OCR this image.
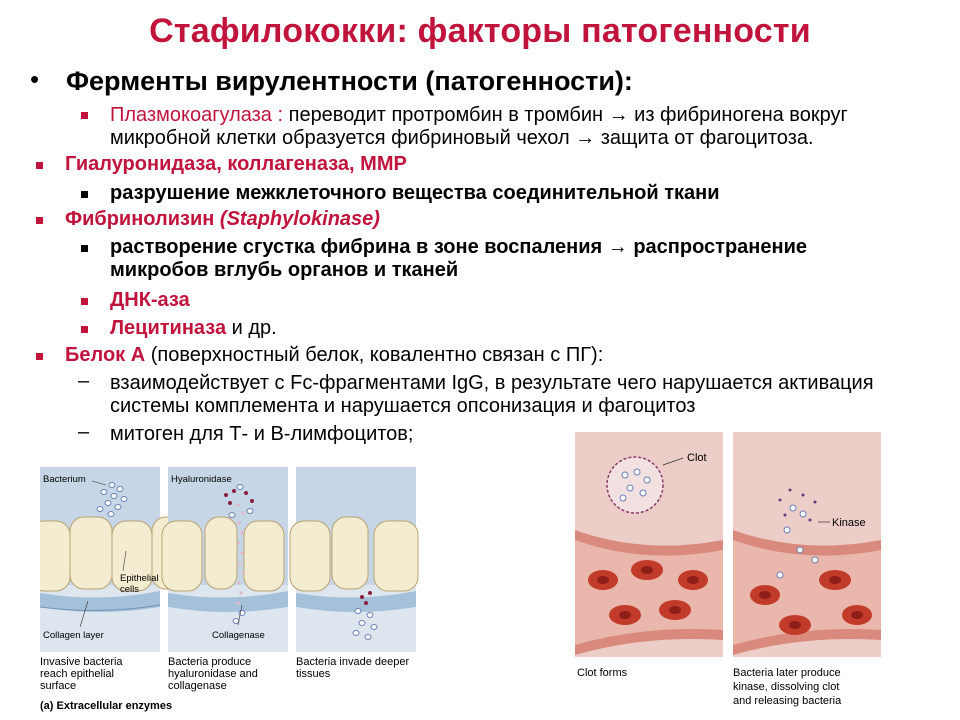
Стафилококки: факторы патогенности
• Ферменты вирулентности (патогенности):
Плазмокоагулаза : переводит протромбин в тромбин → из фибриногена вокруг
микробной клетки образуется фибриновый чехол → защита от фагоцитоза.
Гиалуронидаза, коллагеназа, ММР
разрушение межклеточного вещества соединительной ткани
Фибринолизин (Staphylokinase)
растворение сгустка фибрина в зоне воспаления → распространение
микробов вглубь органов и тканей
ДНК-аза
Лецитиназа и др.
Белок А (поверхностный белок, ковалентно связан с ПГ):
– взаимодействует с Fc-фрагментами IgG, в результате чего нарушается активация
системы комплемента и нарушается опсонизация и фагоцитоз
– митоген для Т- и В-лимфоцитов;
Bacterium
Epithelial
cells
Collagen layer
Hyaluronidase
Collagenase
Invasive bacteria
reach epithelial
surface
Bacteria produce
hyaluronidase and
collagenase
Bacteria invade deeper
tissues
(a) Extracellular enzymes
Clot
Kinase
Clot forms	Bacteria later produce
kinase, dissolving clot
and releasing bacteria
